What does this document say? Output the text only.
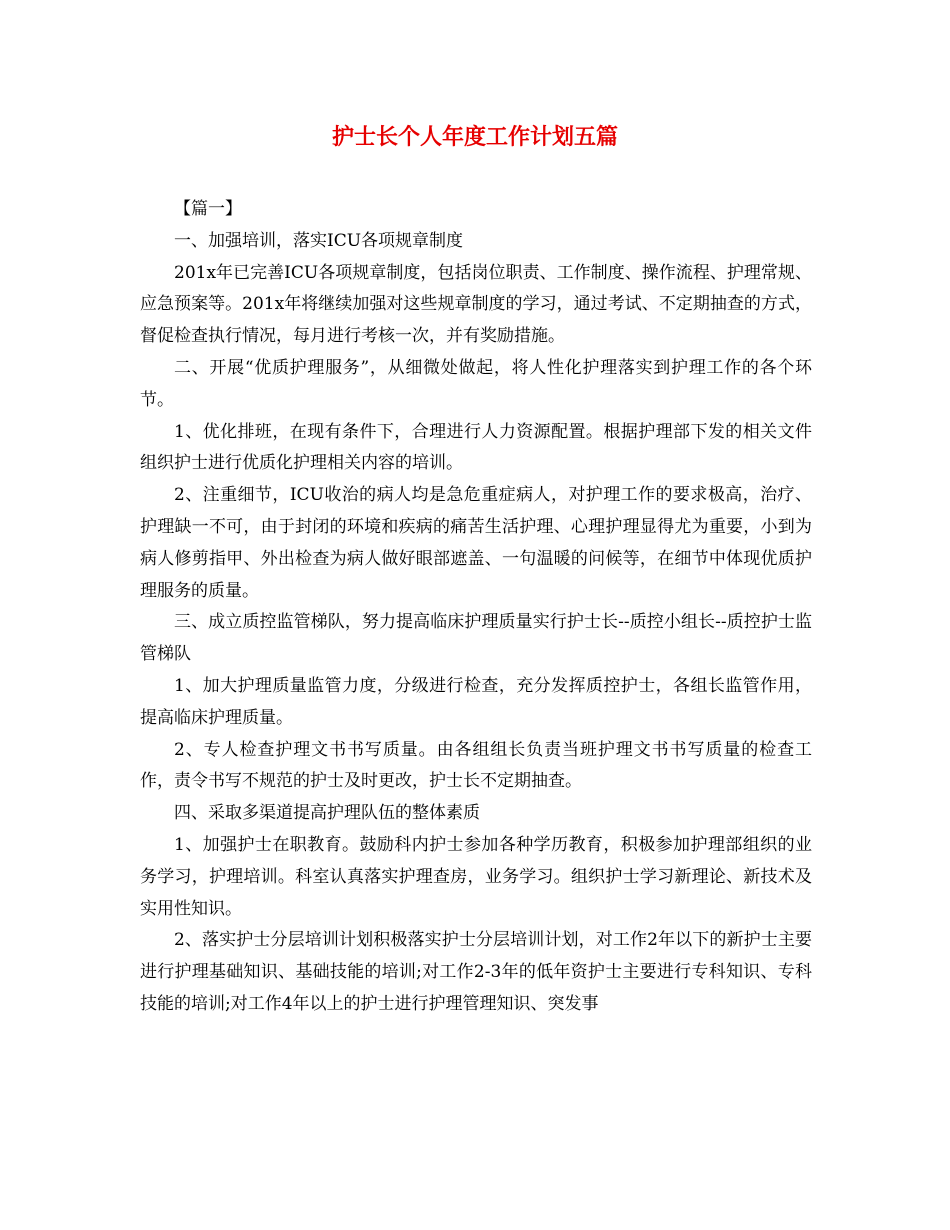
护士长个人年度工作计划五篇

【篇一】

一、加强培训，落实ICU各项规章制度

201x年已完善ICU各项规章制度，包括岗位职责、工作制度、操作流程、护理常规、应急预案等。201x年将继续加强对这些规章制度的学习，通过考试、不定期抽查的方式，督促检查执行情况，每月进行考核一次，并有奖励措施。

二、开展“优质护理服务”，从细微处做起，将人性化护理落实到护理工作的各个环节。

1、优化排班，在现有条件下，合理进行人力资源配置。根据护理部下发的相关文件组织护士进行优质化护理相关内容的培训。

2、注重细节，ICU收治的病人均是急危重症病人，对护理工作的要求极高，治疗、护理缺一不可，由于封闭的环境和疾病的痛苦生活护理、心理护理显得尤为重要，小到为病人修剪指甲、外出检查为病人做好眼部遮盖、一句温暖的问候等，在细节中体现优质护理服务的质量。

三、成立质控监管梯队，努力提高临床护理质量实行护士长--质控小组长--质控护士监管梯队

1、加大护理质量监管力度，分级进行检查，充分发挥质控护士，各组长监管作用，提高临床护理质量。

2、专人检查护理文书书写质量。由各组组长负责当班护理文书书写质量的检查工作，责令书写不规范的护士及时更改，护士长不定期抽查。

四、采取多渠道提高护理队伍的整体素质

1、加强护士在职教育。鼓励科内护士参加各种学历教育，积极参加护理部组织的业务学习，护理培训。科室认真落实护理查房，业务学习。组织护士学习新理论、新技术及实用性知识。

2、落实护士分层培训计划积极落实护士分层培训计划，对工作2年以下的新护士主要进行护理基础知识、基础技能的培训;对工作2-3年的低年资护士主要进行专科知识、专科技能的培训;对工作4年以上的护士进行护理管理知识、突发事
